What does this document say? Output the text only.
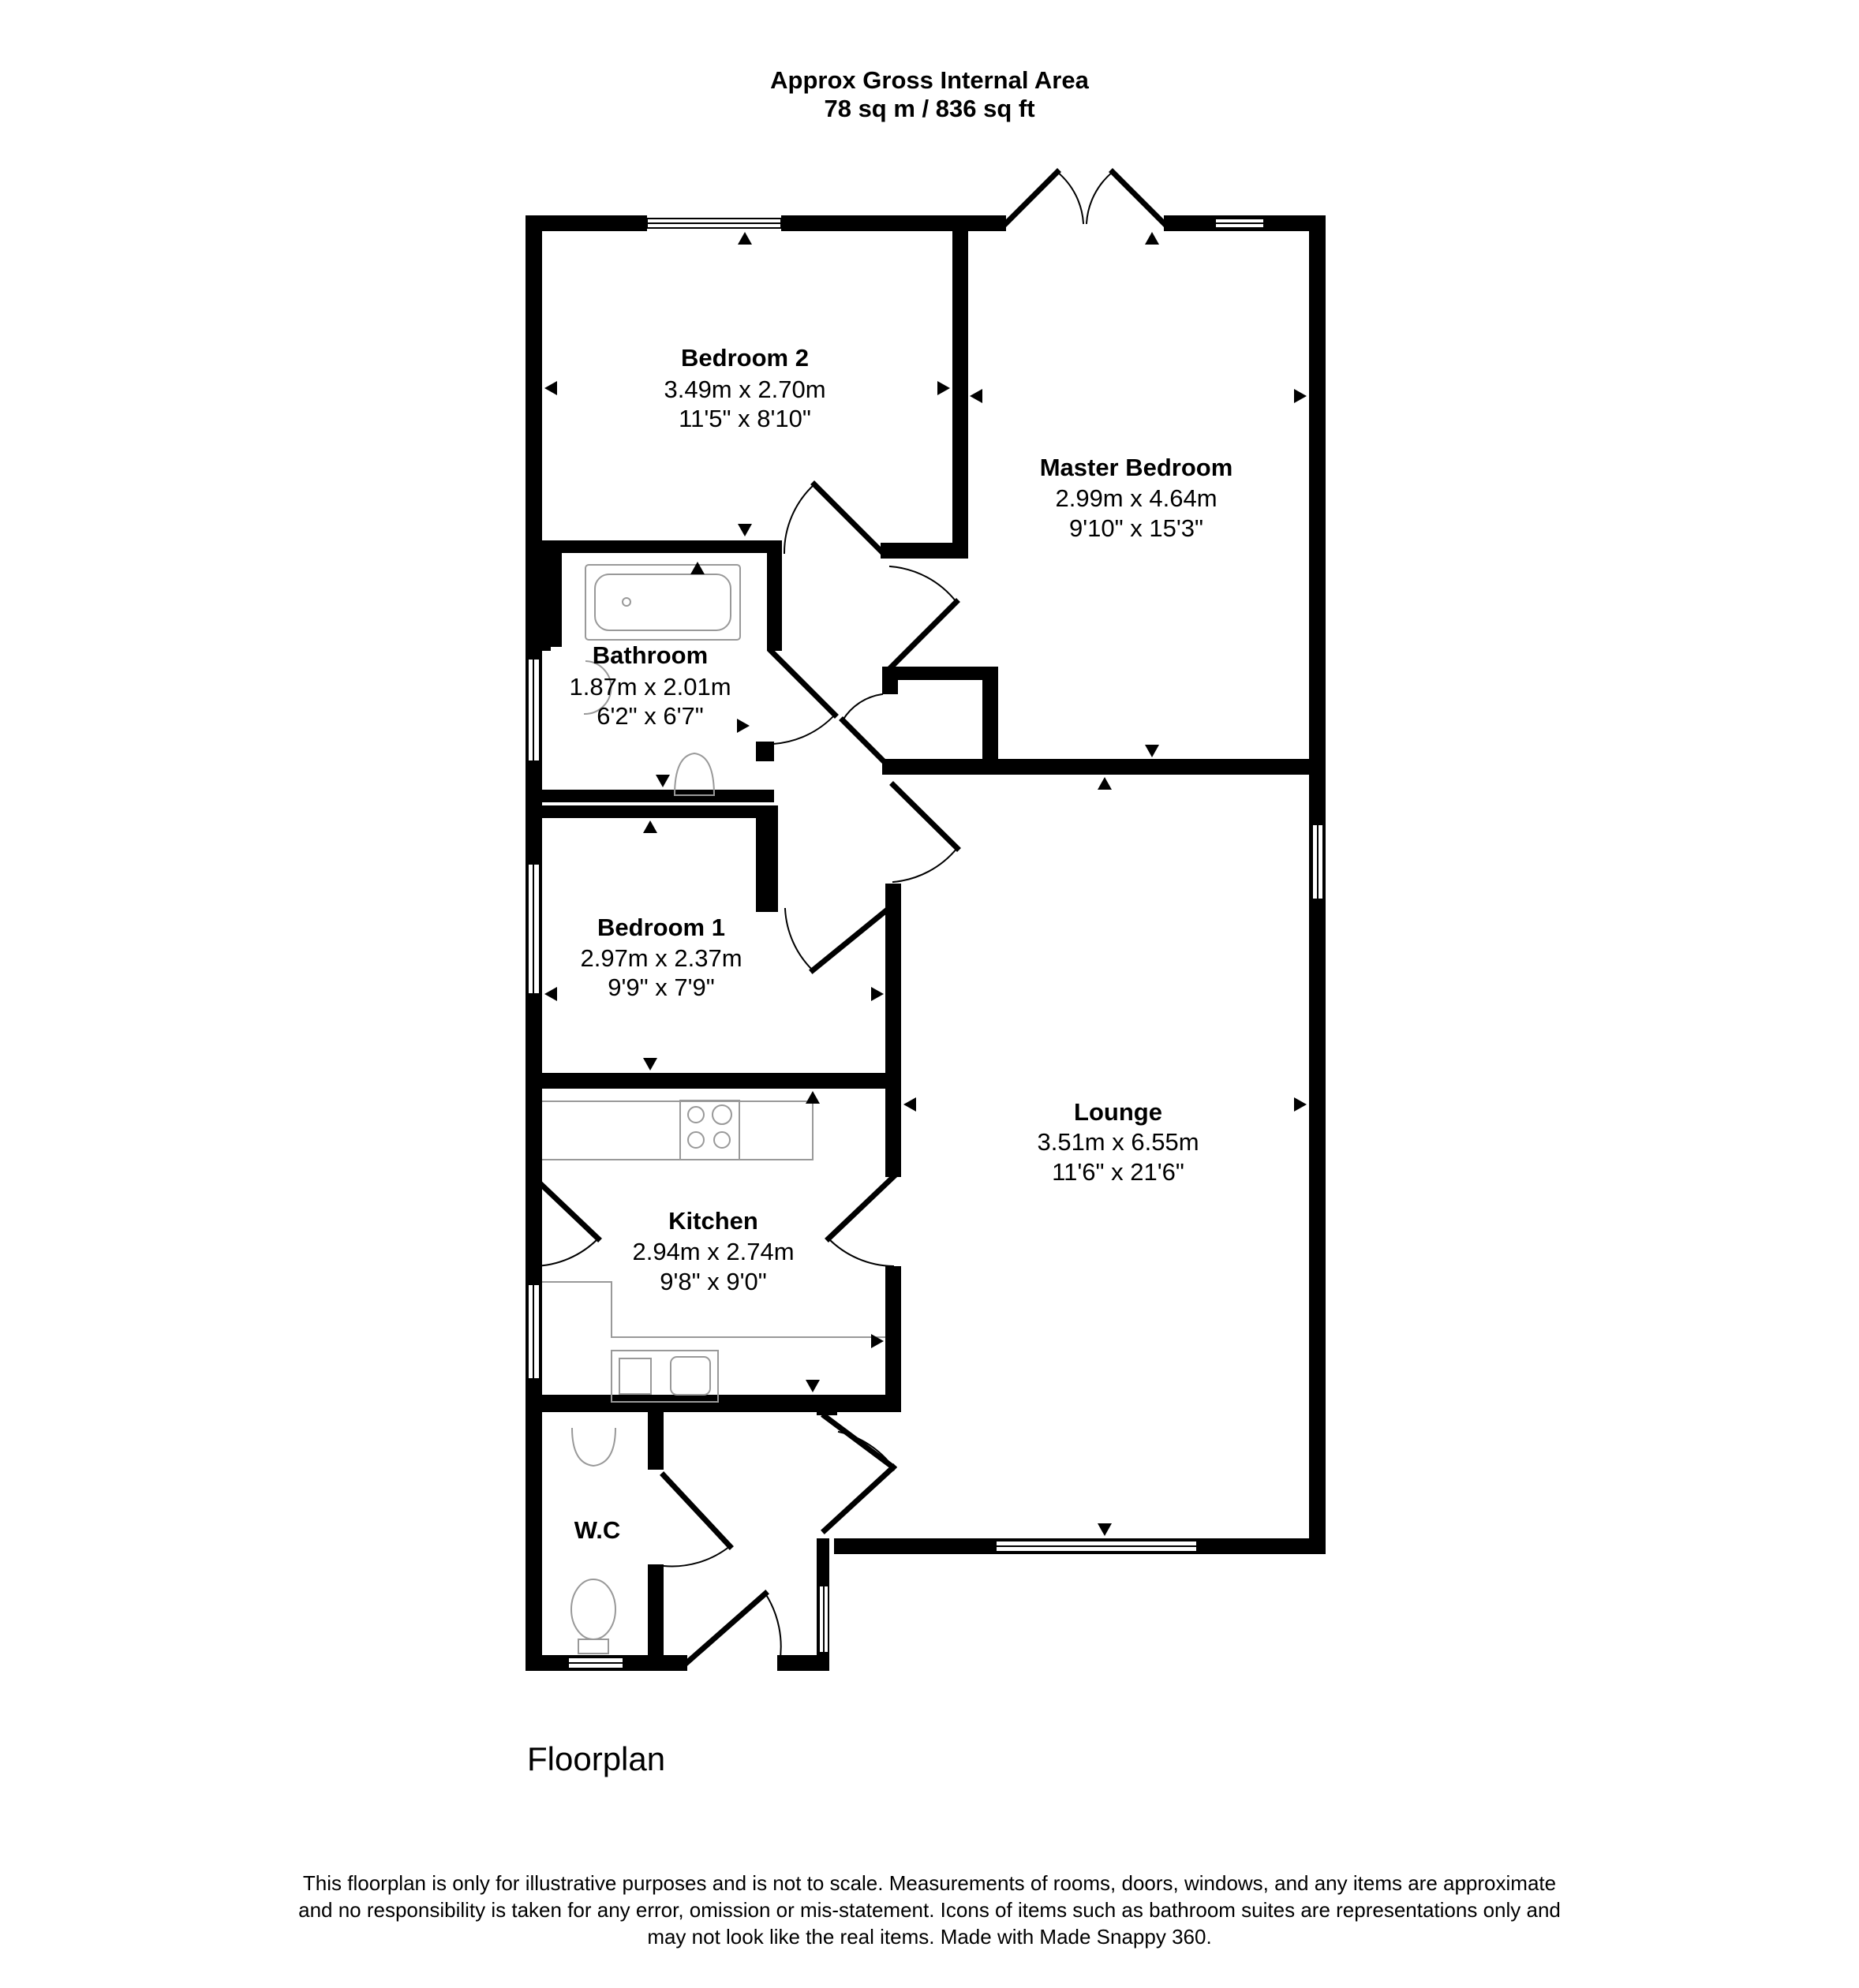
Approx Gross Internal Area
78 sq m / 836 sq ft
Bedroom 2
3.49m x 2.70m
11'5" x 8'10"
Master Bedroom
2.99m x 4.64m
9'10" x 15'3"
Bathroom
1.87m x 2.01m
6'2" x 6'7"
Bedroom 1
2.97m x 2.37m
9'9" x 7'9"
Lounge
3.51m x 6.55m
11'6" x 21'6"
Kitchen
2.94m x 2.74m
9'8" x 9'0"
W.C
Floorplan
This floorplan is only for illustrative purposes and is not to scale. Measurements of rooms, doors, windows, and any items are approximate
and no responsibility is taken for any error, omission or mis-statement. Icons of items such as bathroom suites are representations only and
may not look like the real items. Made with Made Snappy 360.
